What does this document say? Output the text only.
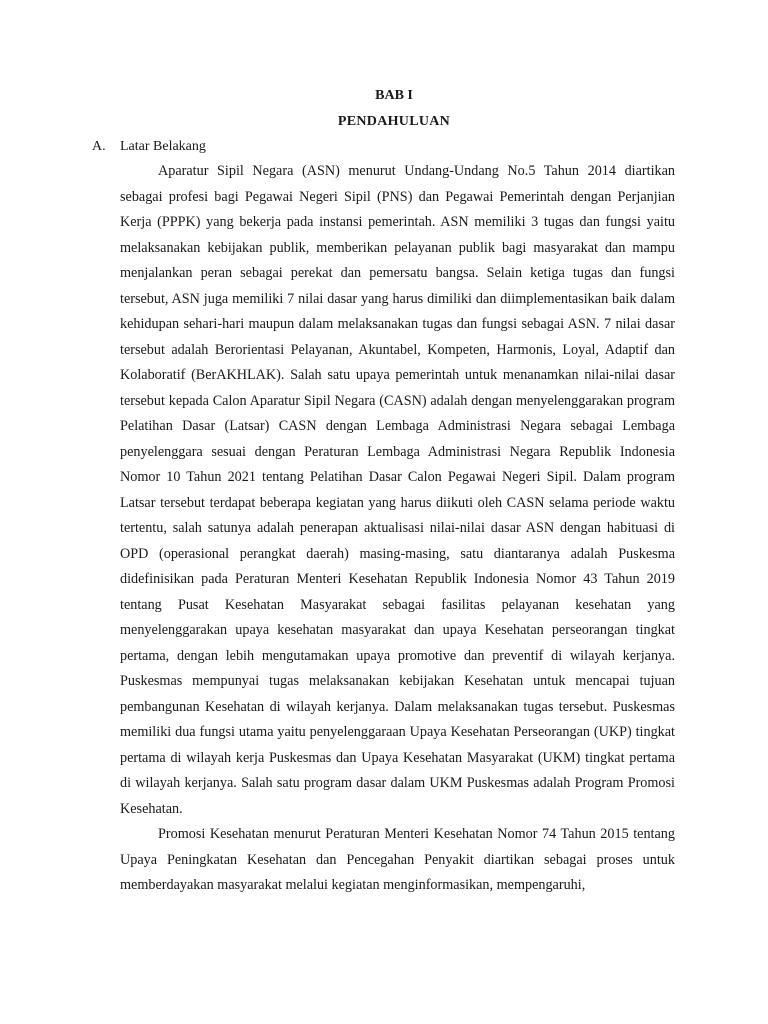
BAB I
PENDAHULUAN
A. Latar Belakang

Aparatur Sipil Negara (ASN) menurut Undang-Undang No.5 Tahun 2014 diartikan sebagai profesi bagi Pegawai Negeri Sipil (PNS) dan Pegawai Pemerintah dengan Perjanjian Kerja (PPPK) yang bekerja pada instansi pemerintah. ASN memiliki 3 tugas dan fungsi yaitu melaksanakan kebijakan publik, memberikan pelayanan publik bagi masyarakat dan mampu menjalankan peran sebagai perekat dan pemersatu bangsa. Selain ketiga tugas dan fungsi tersebut, ASN juga memiliki 7 nilai dasar yang harus dimiliki dan diimplementasikan baik dalam kehidupan sehari-hari maupun dalam melaksanakan tugas dan fungsi sebagai ASN. 7 nilai dasar tersebut adalah Berorientasi Pelayanan, Akuntabel, Kompeten, Harmonis, Loyal, Adaptif dan Kolaboratif (BerAKHLAK). Salah satu upaya pemerintah untuk menanamkan nilai-nilai dasar tersebut kepada Calon Aparatur Sipil Negara (CASN) adalah dengan menyelenggarakan program Pelatihan Dasar (Latsar) CASN dengan Lembaga Administrasi Negara sebagai Lembaga penyelenggara sesuai dengan Peraturan Lembaga Administrasi Negara Republik Indonesia Nomor 10 Tahun 2021 tentang Pelatihan Dasar Calon Pegawai Negeri Sipil. Dalam program Latsar tersebut terdapat beberapa kegiatan yang harus diikuti oleh CASN selama periode waktu tertentu, salah satunya adalah penerapan aktualisasi nilai-nilai dasar ASN dengan habituasi di OPD (operasional perangkat daerah) masing-masing, satu diantaranya adalah Puskesma didefinisikan pada Peraturan Menteri Kesehatan Republik Indonesia Nomor 43 Tahun 2019 tentang Pusat Kesehatan Masyarakat sebagai fasilitas pelayanan kesehatan yang menyelenggarakan upaya kesehatan masyarakat dan upaya Kesehatan perseorangan tingkat pertama, dengan lebih mengutamakan upaya promotive dan preventif di wilayah kerjanya. Puskesmas mempunyai tugas melaksanakan kebijakan Kesehatan untuk mencapai tujuan pembangunan Kesehatan di wilayah kerjanya. Dalam melaksanakan tugas tersebut. Puskesmas memiliki dua fungsi utama yaitu penyelenggaraan Upaya Kesehatan Perseorangan (UKP) tingkat pertama di wilayah kerja Puskesmas dan Upaya Kesehatan Masyarakat (UKM) tingkat pertama di wilayah kerjanya. Salah satu program dasar dalam UKM Puskesmas adalah Program Promosi Kesehatan.

Promosi Kesehatan menurut Peraturan Menteri Kesehatan Nomor 74 Tahun 2015 tentang Upaya Peningkatan Kesehatan dan Pencegahan Penyakit diartikan sebagai proses untuk memberdayakan masyarakat melalui kegiatan menginformasikan, mempengaruhi,
